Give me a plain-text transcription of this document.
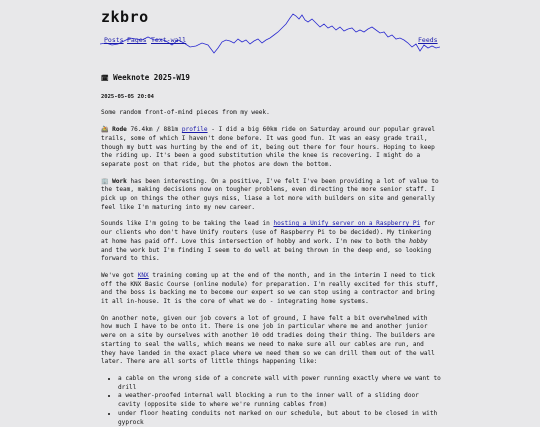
zkbro
Posts Pages Text-wall	Feeds
🗓 Weeknote 2025-W19
2025-05-05 20:04

Some random front-of-mind pieces from my week.

🚵 Rode 76.4km / 881m profile - I did a big 60km ride on Saturday around our popular gravel trails, some of which I haven't done before. It was good fun. It was an easy grade trail, though my butt was hurting by the end of it, being out there for four hours. Hoping to keep the riding up. It's been a good substitution while the knee is recovering. I might do a separate post on that ride, but the photos are down the bottom.

🏢 Work has been interesting. On a positive, I've felt I've been providing a lot of value to the team, making decisions now on tougher problems, even directing the more senior staff. I pick up on things the other guys miss, liase a lot more with builders on site and generally feel like I'm maturing into my new career.

Sounds like I'm going to be taking the lead in hosting a Unify server on a Raspberry Pi for our clients who don't have Unify routers (use of Raspberry Pi to be decided). My tinkering at home has paid off. Love this intersection of hobby and work. I'm new to both the hobby and the work but I'm finding I seem to do well at being thrown in the deep end, so looking forward to this.

We've got KNX training coming up at the end of the month, and in the interim I need to tick off the KNX Basic Course (online module) for preparation. I'm really excited for this stuff, and the boss is backing me to become our expert so we can stop using a contractor and bring it all in-house. It is the core of what we do - integrating home systems.

On another note, given our job covers a lot of ground, I have felt a bit overwhelmed with how much I have to be onto it. There is one job in particular where me and another junior were on a site by ourselves with another 10 odd tradies doing their thing. The builders are starting to seal the walls, which means we need to make sure all our cables are run, and they have landed in the exact place where we need them so we can drill them out of the wall later. There are all sorts of little things happening like:

• a cable on the wrong side of a concrete wall with power running exactly where we want to drill
• a weather-proofed internal wall blocking a run to the inner wall of a sliding door cavity (opposite side to where we're running cables from)
• under floor heating conduits not marked on our schedule, but about to be closed in with gyprock
